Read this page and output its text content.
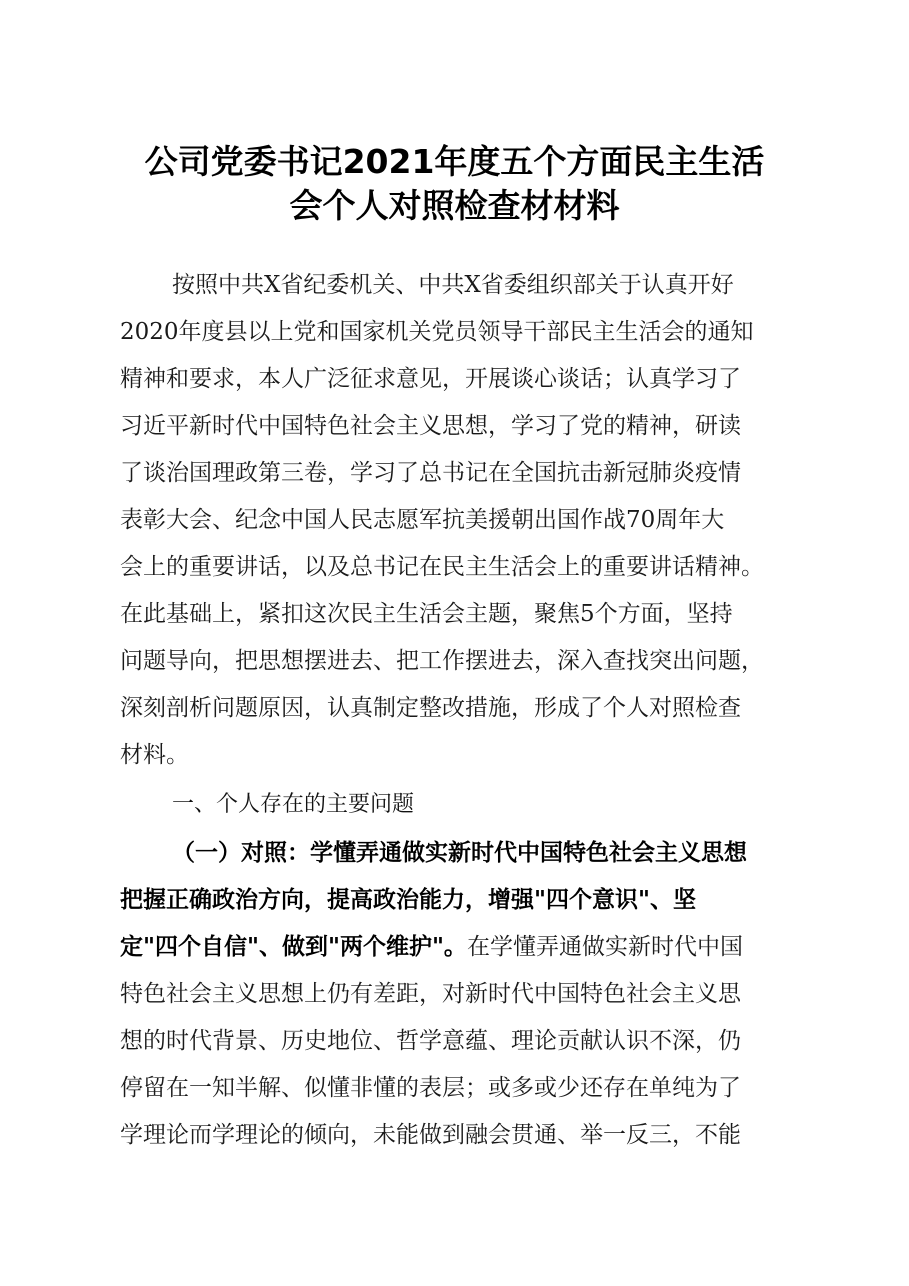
公司党委书记2021年度五个方面民主生活 会个人对照检查材材料
按照中共X省纪委机关、中共X省委组织部关于认真开好
2020年度县以上党和国家机关党员领导干部民主生活会的通知
精神和要求，本人广泛征求意见，开展谈心谈话；认真学习了
习近平新时代中国特色社会主义思想，学习了党的精神，研读
了谈治国理政第三卷，学习了总书记在全国抗击新冠肺炎疫情
表彰大会、纪念中国人民志愿军抗美援朝出国作战70周年大
会上的重要讲话，以及总书记在民主生活会上的重要讲话精神。
在此基础上，紧扣这次民主生活会主题，聚焦5个方面，坚持
问题导向，把思想摆进去、把工作摆进去，深入查找突出问题，
深刻剖析问题原因，认真制定整改措施，形成了个人对照检查
材料。
一、个人存在的主要问题
（一）对照：学懂弄通做实新时代中国特色社会主义思想
把握正确政治方向，提高政治能力，增强"四个意识"、坚
定"四个自信"、做到"两个维护"。在学懂弄通做实新时代中国
特色社会主义思想上仍有差距，对新时代中国特色社会主义思
想的时代背景、历史地位、哲学意蕴、理论贡献认识不深，仍
停留在一知半解、似懂非懂的表层；或多或少还存在单纯为了
学理论而学理论的倾向，未能做到融会贯通、举一反三，不能
